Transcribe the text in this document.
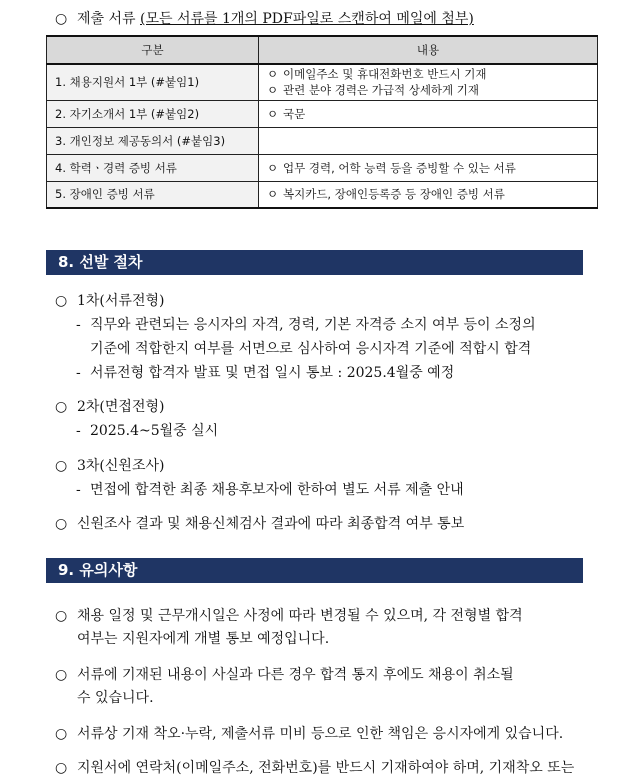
○ 제출 서류 (모든 서류를 1개의 PDF파일로 스캔하여 메일에 첨부)
구분	내용
1. 채용지원서 1부 (#붙임1)	ㅇ 이메일주소 및 휴대전화번호 반드시 기재
ㅇ 관련 분야 경력은 가급적 상세하게 기재

2. 자기소개서 1부 (#붙임2)	ㅇ 국문

3. 개인정보 제공동의서 (#붙임3)	
4. 학력ㆍ경력 증빙 서류	ㅇ 업무 경력, 어학 능력 등을 증빙할 수 있는 서류

5. 장애인 증빙 서류	ㅇ 복지카드, 장애인등록증 등 장애인 증빙 서류
8. 선발 절차
○ 1차(서류전형)
- 직무와 관련되는 응시자의 자격, 경력, 기본 자격증 소지 여부 등이 소정의
기준에 적합한지 여부를 서면으로 심사하여 응시자격 기준에 적합시 합격
- 서류전형 합격자 발표 및 면접 일시 통보 : 2025.4월중 예정
○ 2차(면접전형)
- 2025.4~5월중 실시
○ 3차(신원조사)
- 면접에 합격한 최종 채용후보자에 한하여 별도 서류 제출 안내
○ 신원조사 결과 및 채용신체검사 결과에 따라 최종합격 여부 통보
9. 유의사항
○ 채용 일정 및 근무개시일은 사정에 따라 변경될 수 있으며, 각 전형별 합격
여부는 지원자에게 개별 통보 예정입니다.
○ 서류에 기재된 내용이 사실과 다른 경우 합격 통지 후에도 채용이 취소될
수 있습니다.
○ 서류상 기재 착오·누락, 제출서류 미비 등으로 인한 책임은 응시자에게 있습니다.
○ 지원서에 연락처(이메일주소, 전화번호)를 반드시 기재하여야 하며, 기재착오 또는
